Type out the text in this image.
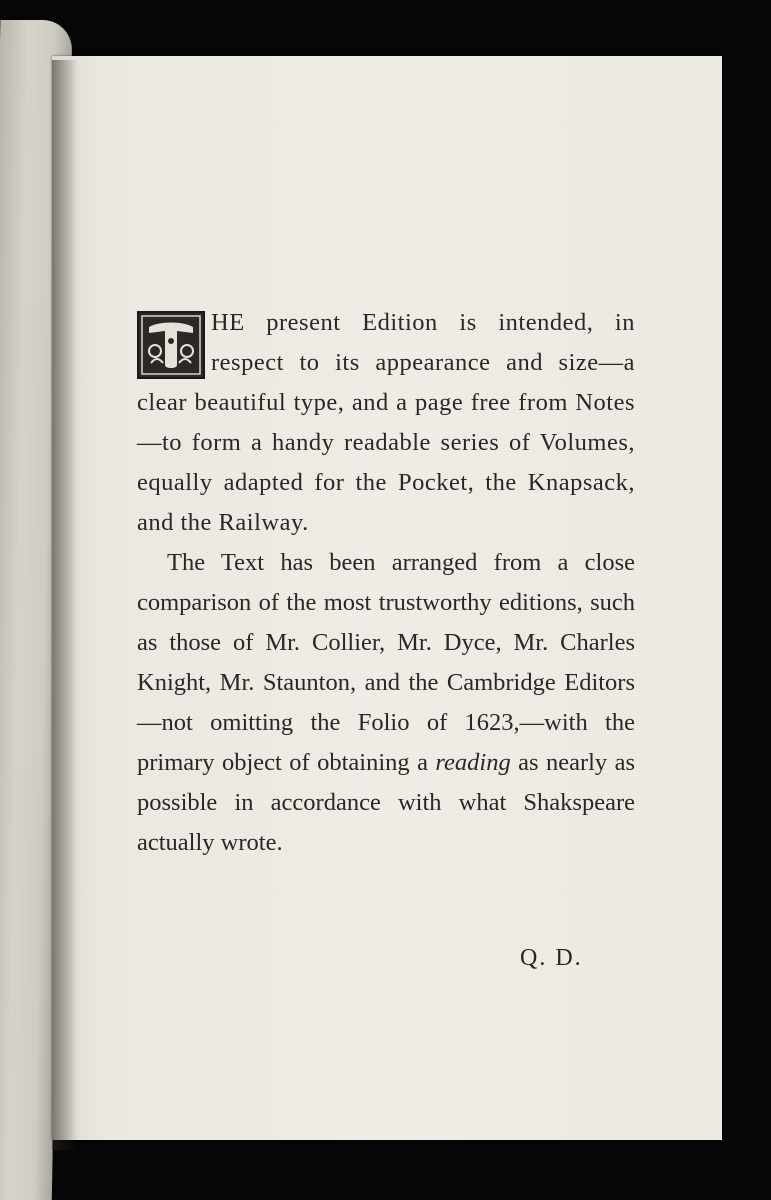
HE present Edition is intended, in respect to its appearance and size—a clear beautiful type, and a page free from Notes—to form a handy readable series of Volumes, equally adapted for the Pocket, the Knapsack, and the Railway.

The Text has been arranged from a close comparison of the most trustworthy editions, such as those of Mr. Collier, Mr. Dyce, Mr. Charles Knight, Mr. Staunton, and the Cambridge Editors—not omitting the Folio of 1623,—with the primary object of obtaining a reading as nearly as possible in accordance with what Shakspeare actually wrote.

Q. D.
